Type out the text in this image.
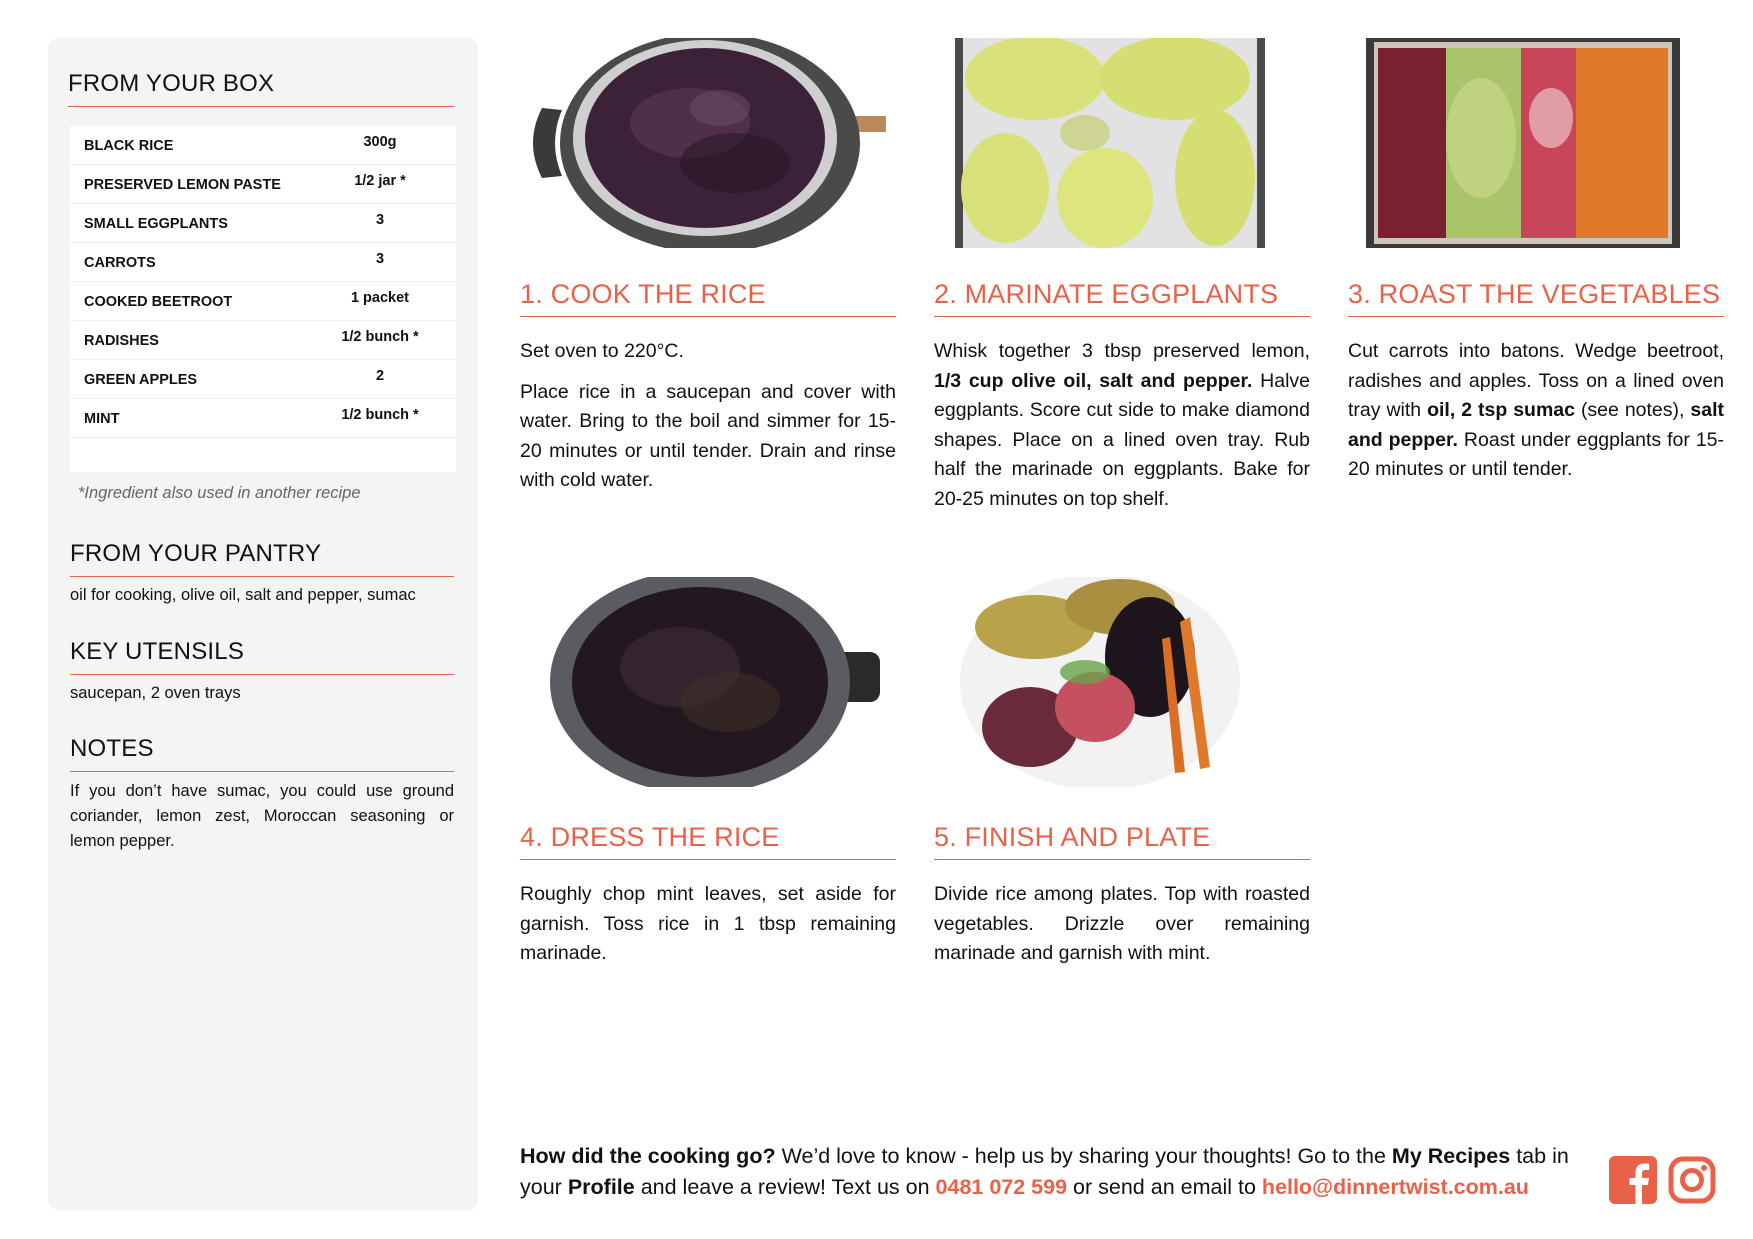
FROM YOUR BOX
BLACK RICE	300g
PRESERVED LEMON PASTE	1/2 jar *
SMALL EGGPLANTS	3
CARROTS	3
COOKED BEETROOT	1 packet
RADISHES	1/2 bunch *
GREEN APPLES	2
MINT	1/2 bunch *
*Ingredient also used in another recipe
FROM YOUR PANTRY
oil for cooking, olive oil, salt and pepper, sumac
KEY UTENSILS
saucepan, 2 oven trays
NOTES
If you don’t have sumac, you could use ground coriander, lemon zest, Moroccan seasoning or lemon pepper.
1. COOK THE RICE

Set oven to 220°C.

Place rice in a saucepan and cover with water. Bring to the boil and simmer for 15-20 minutes or until tender. Drain and rinse with cold water.

2. MARINATE EGGPLANTS

Whisk together 3 tbsp preserved lemon, 1/3 cup olive oil, salt and pepper. Halve eggplants. Score cut side to make diamond shapes. Place on a lined oven tray. Rub half the marinade on eggplants. Bake for 20-25 minutes on top shelf.

3. ROAST THE VEGETABLES

Cut carrots into batons. Wedge beetroot, radishes and apples. Toss on a lined oven tray with oil, 2 tsp sumac (see notes), salt and pepper. Roast under eggplants for 15-20 minutes or until tender.

4. DRESS THE RICE

Roughly chop mint leaves, set aside for garnish. Toss rice in 1 tbsp remaining marinade.

5. FINISH AND PLATE

Divide rice among plates. Top with roasted vegetables. Drizzle over remaining marinade and garnish with mint.

How did the cooking go? We’d love to know - help us by sharing your thoughts! Go to the My Recipes tab in your Profile and leave a review! Text us on 0481 072 599 or send an email to hello@dinnertwist.com.au
